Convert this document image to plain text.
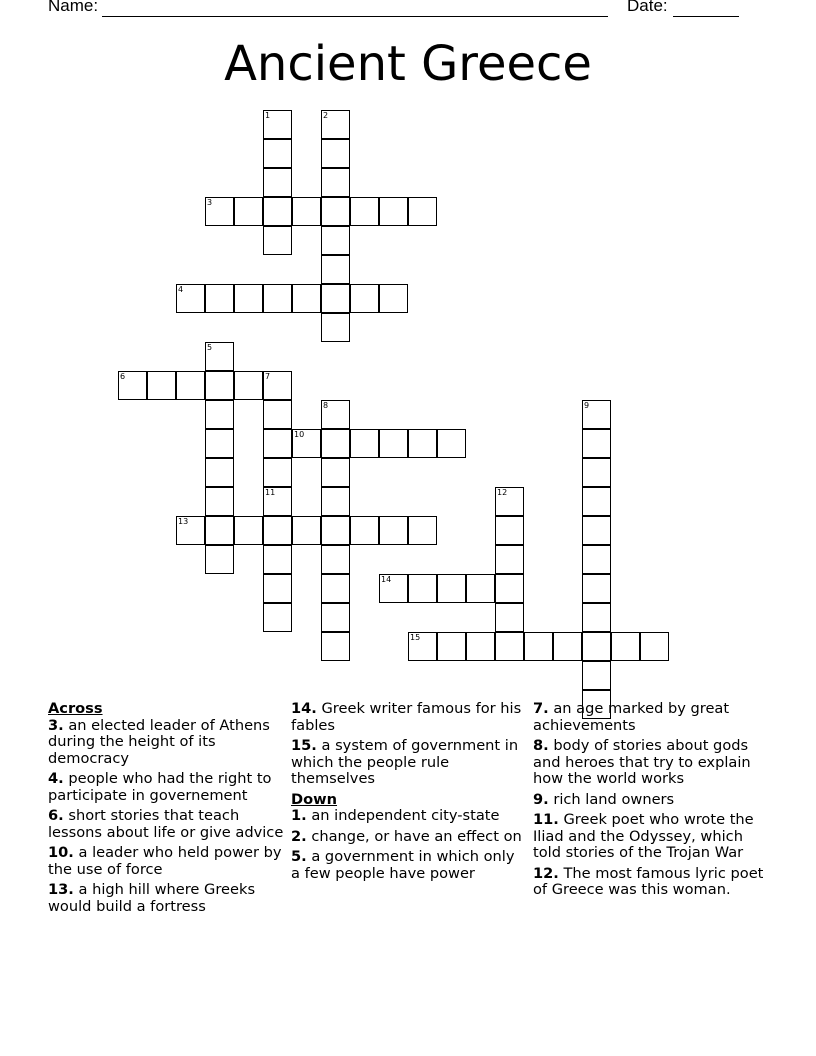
Name:	Date:
Ancient Greece
1	2
3
4
6
5
7
8
10
9
11	12
13
14
15
Across
3. an elected leader of Athens during the height of its democracy
4. people who had the right to participate in governement
6. short stories that teach lessons about life or give advice
10. a leader who held power by the use of force
13. a high hill where Greeks would build a fortress
14. Greek writer famous for his fables
15. a system of government in which the people rule themselves
Down
1. an independent city-state
2. change, or have an effect on
5. a government in which only a few people have power
7. an age marked by great achievements
8. body of stories about gods and heroes that try to explain how the world works
9. rich land owners
11. Greek poet who wrote the Iliad and the Odyssey, which told stories of the Trojan War
12. The most famous lyric poet of Greece was this woman.
